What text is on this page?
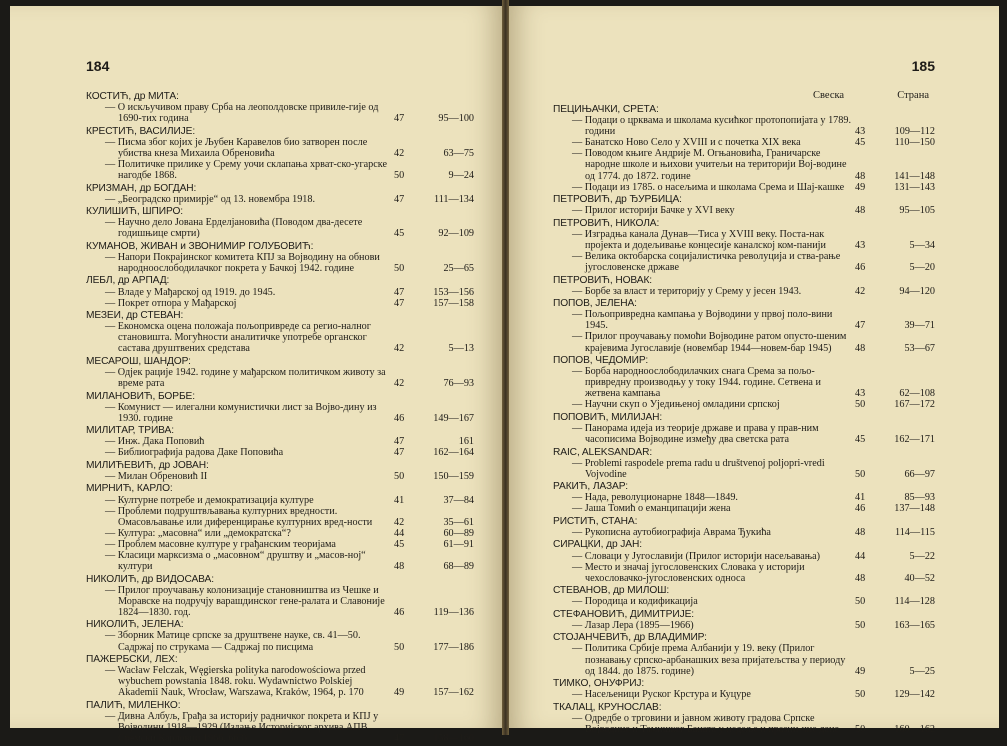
184
КОСТИЋ, др МИТА:
— О искључивом праву Срба на леополдовске привиле-гије од 1690-тих година	47	95—100
КРЕСТИЋ, ВАСИЛИЈЕ:
— Писма због којих је Љубен Каравелов био затворен после убиства кнеза Михаила Обреновића	42	63—75
— Политичке прилике у Срему уочи склапања хрват-ско-угарске нагодбе 1868.	50	9—24
КРИЗМАН, др БОГДАН:
— „Београдско примирје“ од 13. новембра 1918.	47	111—134
КУЛИШИЋ, ШПИРО:
— Научно дело Јована Ерделјановића (Поводом два-десете годишњице смрти)	45	92—109
КУМАНОВ, ЖИВАН и ЗВОНИМИР ГОЛУБОВИЋ:
— Напори Покрајинског комитета КПЈ за Војводину на обнови народноослободилачког покрета у Бачкој 1942. године	50	25—65
ЛЕБЛ, др АРПАД:
— Владе у Мађарској од 1919. до 1945.	47	153—156
— Покрет отпора у Мађарској	47	157—158
МЕЗЕИ, др СТЕВАН:
— Економска оцена положаја пољопривреде са регио-налног становишта. Могућности аналитичке употребе органског састава друштвених средстава	42	5—13
МЕСАРОШ, ШАНДОР:
— Одјек рације 1942. године у мађарском политичком животу за време рата	42	76—93
МИЛАНОВИЋ, БОРБЕ:
— Комунист — илегални комунистички лист за Војво-дину из 1930. године	46	149—167
МИЛИТАР, ТРИВА:
— Инж. Дака Поповић	47	161
— Библиографија радова Даке Поповића	47	162—164
МИЛИЋЕВИЋ, др ЈОВАН:
— Милан Обреновић II	50	150—159
МИРНИЋ, КАРЛО:
— Културне потребе и демократизација културе	41	37—84
— Проблеми подруштвљавања културних вредности. Омасовљавање или диференцирање културних вред-ности	42	35—61
— Култура: „масовна“ или „демократска“?	44	60—89
— Проблем масовне културе у грађанским теоријама	45	61—91
— Класици марксизма о „масовном“ друштву и „масов-ној“ култури	48	68—89
НИКОЛИЋ, др ВИДОСАВА:
— Прилог проучавању колонизације становништва из Чешке и Моравске на подручју варашдинског гене-ралата и Славоније 1824—1830. год.	46	119—136
НИКОЛИЋ, ЈЕЛЕНА:
— Зборник Матице српске за друштвене науке, св. 41—50. Садржај по струкама — Садржај по писцима	50	177—186
ПАЖЕРБСКИ, ЛЕХ:
— Wacław Felczak, Węgierska polityka narodowościowa przed wybuchem powstania 1848. roku. Wydawnictwo Polskiej Akademii Nauk, Wrocław, Warszawa, Kraków, 1964, p. 170	49	157—162
ПАЛИЋ, МИЛЕНКО:
— Дивна Албуљ, Грађа за историју радничког покрета и КПЈ у Војводини 1918—1929 (Издање Историјског архива АПВ. Сремски Карловци 1966, 663)	47	158—160
185
Свеска	Страна
ПЕЦИЊАЧКИ, СРЕТА:
— Подаци о црквама и школама кусићког протопопијата у 1789. години	43	109—112
— Банатско Ново Село у XVIII и с почетка XIX века	45	110—150
— Поводом књиге Андрије М. Огњановића, Граничарске народне школе и њихови учитељи на територији Вој-водине од 1774. до 1872. године	48	141—148
— Подаци из 1785. о насељима и школама Срема и Шај-кашке	49	131—143
ПЕТРОВИЋ, др ЂУРБИЦА:
— Прилог историји Бачке у XVI веку	48	95—105
ПЕТРОВИЋ, НИКОЛА:
— Изградња канала Дунав—Тиса у XVIII веку. Поста-нак пројекта и додељивање концесије каналској ком-панији	43	5—34
— Велика октобарска социјалистичка револуција и ства-рање југословенске државе	46	5—20
ПЕТРОВИЋ, НОВАК:
— Борбе за власт и територију у Срему у јесен 1943.	42	94—120
ПОПОВ, ЈЕЛЕНА:
— Пољопривредна кампања у Војводини у првој поло-вини 1945.	47	39—71
— Прилог проучавању помоћи Војводине ратом опусто-шеним крајевима Југославије (новембар 1944—новем-бар 1945)	48	53—67
ПОПОВ, ЧЕДОМИР:
— Борба народноослободилачких снага Срема за пољо-привредну производњу у току 1944. године. Сетвена и жетвена кампања	43	62—108
— Научни скуп о Уједињеној омладини српској	50	167—172
ПОПОВИЋ, МИЛИЈАН:
— Панорама идеја из теорије државе и права у прав-ним часописима Војводине између два светска рата	45	162—171
RAIC, ALEKSANDAR:
— Problemi raspodele prema radu u društvenoj poljopri-vredi Vojvodine	50	66—97
РАКИЋ, ЛАЗАР:
— Нада, револуционарне 1848—1849.	41	85—93
— Јаша Томић о еманципацији жена	46	137—148
РИСТИЋ, СТАНА:
— Рукописна аутобиографија Аврама Ђукића	48	114—115
СИРАЦКИ, др ЈАН:
— Словаци у Југославији (Прилог историји насељавања)	44	5—22
— Место и значај југословенских Словака у историји чехословачко-југословенских односа	48	40—52
СТЕВАНОВ, др МИЛОШ:
— Породица и кодификација	50	114—128
СТЕФАНОВИЋ, ДИМИТРИЈЕ:
— Лазар Лера (1895—1966)	50	163—165
СТОЈАНЧЕВИЋ, др ВЛАДИМИР:
— Политика Србије према Албанији у 19. веку (Прилог познавању српско-арбанашких веза пријатељства у периоду од 1844. до 1875. године)	49	5—25
ТИМКО, ОНУФРИЈ:
— Насељеници Руског Крстура и Куцуре	50	129—142
ТКАЛАЦ, КРУНОСЛАВ:
— Одредбе о трговини и јавном животу градова Српске Војводине и Тамишког Баната у недеље и празни-чне дане	50	160—162
